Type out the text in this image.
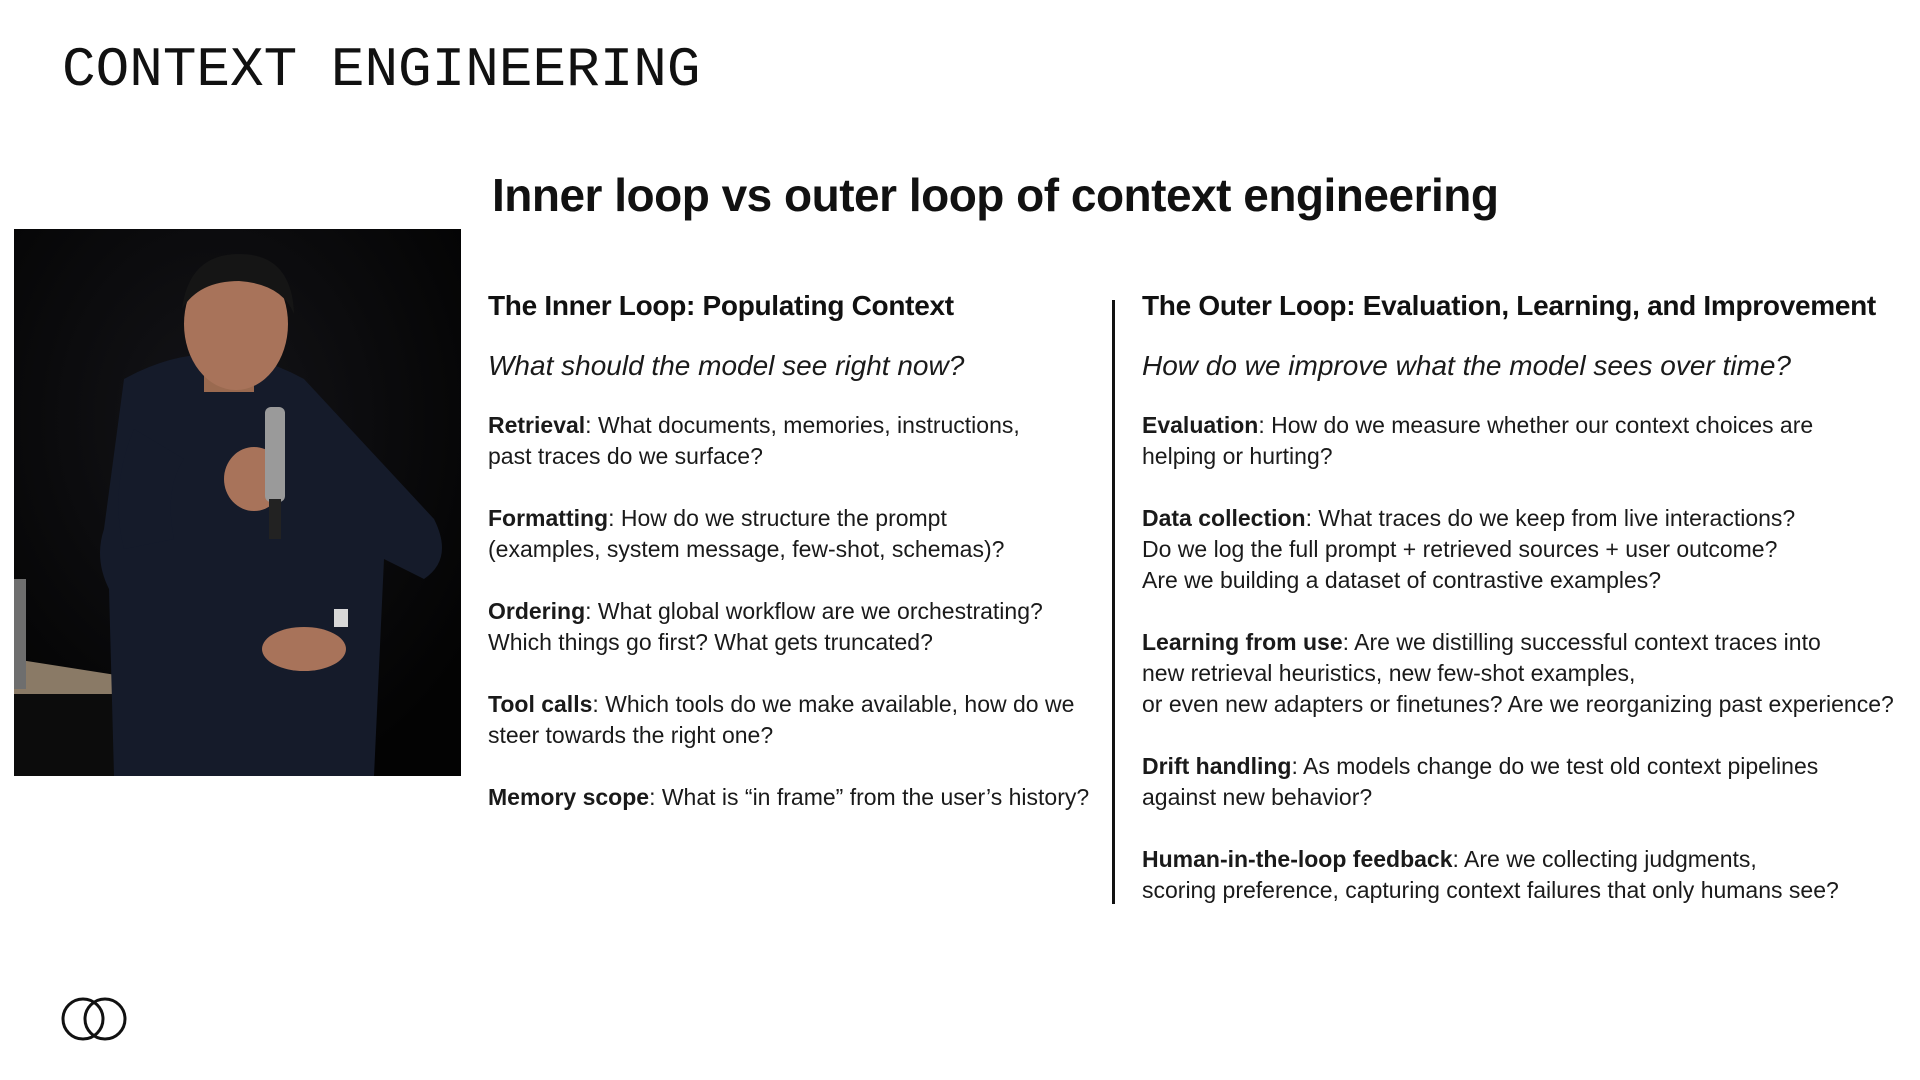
CONTEXT ENGINEERING
Inner loop vs outer loop of context engineering
The Inner Loop: Populating Context
What should the model see right now?
Retrieval: What documents, memories, instructions,
past traces do we surface?
Formatting: How do we structure the prompt
(examples, system message, few-shot, schemas)?
Ordering: What global workflow are we orchestrating?
Which things go first? What gets truncated?
Tool calls: Which tools do we make available, how do we
steer towards the right one?
Memory scope: What is “in frame” from the user’s history?
The Outer Loop: Evaluation, Learning, and Improvement
How do we improve what the model sees over time?
Evaluation: How do we measure whether our context choices are
helping or hurting?
Data collection: What traces do we keep from live interactions?
Do we log the full prompt + retrieved sources + user outcome?
Are we building a dataset of contrastive examples?
Learning from use: Are we distilling successful context traces into
new retrieval heuristics, new few-shot examples,
or even new adapters or finetunes? Are we reorganizing past experience?
Drift handling: As models change do we test old context pipelines
against new behavior?
Human-in-the-loop feedback: Are we collecting judgments,
scoring preference, capturing context failures that only humans see?
